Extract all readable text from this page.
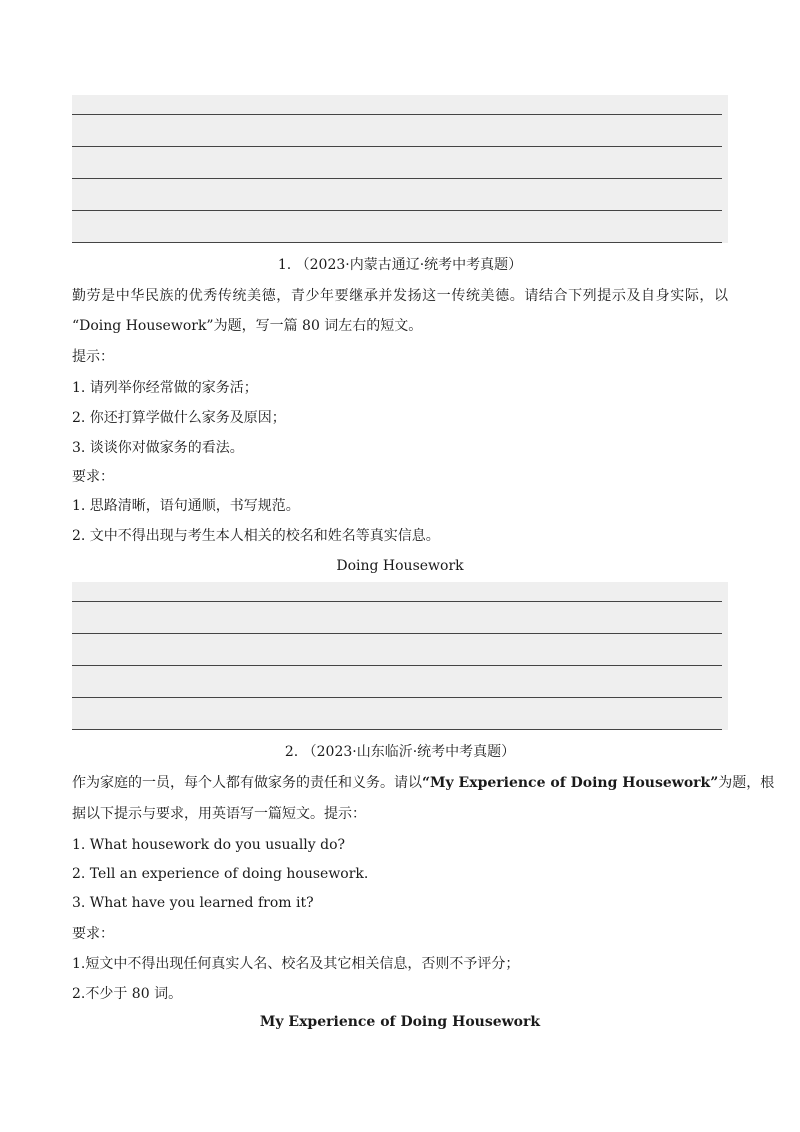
1. （2023·内蒙古通辽·统考中考真题）
勤劳是中华民族的优秀传统美德，青少年要继承并发扬这一传统美德。请结合下列提示及自身实际，以
“Doing Housework”为题，写一篇 80 词左右的短文。
提示：
1. 请列举你经常做的家务活；
2. 你还打算学做什么家务及原因；
3. 谈谈你对做家务的看法。
要求：
1. 思路清晰，语句通顺，书写规范。
2. 文中不得出现与考生本人相关的校名和姓名等真实信息。
Doing Housework
2. （2023·山东临沂·统考中考真题）
作为家庭的一员，每个人都有做家务的责任和义务。请以 “My Experience of Doing Housework” 为题，根
据以下提示与要求，用英语写一篇短文。提示：
1. What housework do you usually do?
2. Tell an experience of doing housework.
3. What have you learned from it?
要求：
1.短文中不得出现任何真实人名、校名及其它相关信息，否则不予评分；
2.不少于 80 词。
My Experience of Doing Housework
